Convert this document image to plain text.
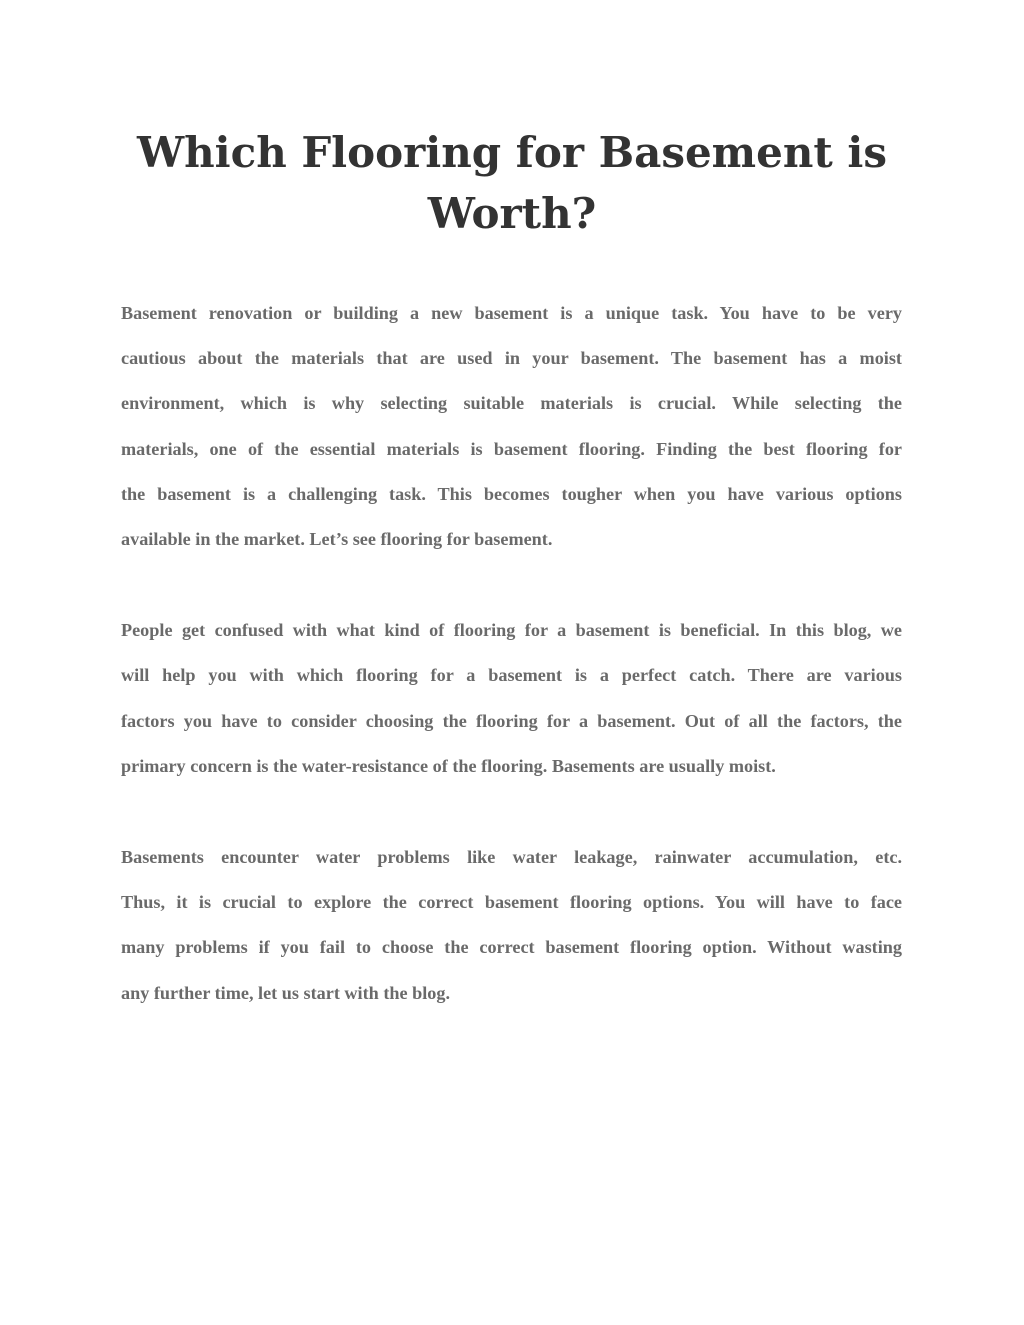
Which Flooring for Basement is
Worth?

Basement renovation or building a new basement is a unique task. You have to be very
cautious about the materials that are used in your basement. The basement has a moist
environment, which is why selecting suitable materials is crucial. While selecting the
materials, one of the essential materials is basement flooring. Finding the best flooring for
the basement is a challenging task. This becomes tougher when you have various options
available in the market. Let’s see flooring for basement.

People get confused with what kind of flooring for a basement is beneficial. In this blog, we
will help you with which flooring for a basement is a perfect catch. There are various
factors you have to consider choosing the flooring for a basement. Out of all the factors, the
primary concern is the water-resistance of the flooring. Basements are usually moist.

Basements encounter water problems like water leakage, rainwater accumulation, etc.
Thus, it is crucial to explore the correct basement flooring options. You will have to face
many problems if you fail to choose the correct basement flooring option. Without wasting
any further time, let us start with the blog.
